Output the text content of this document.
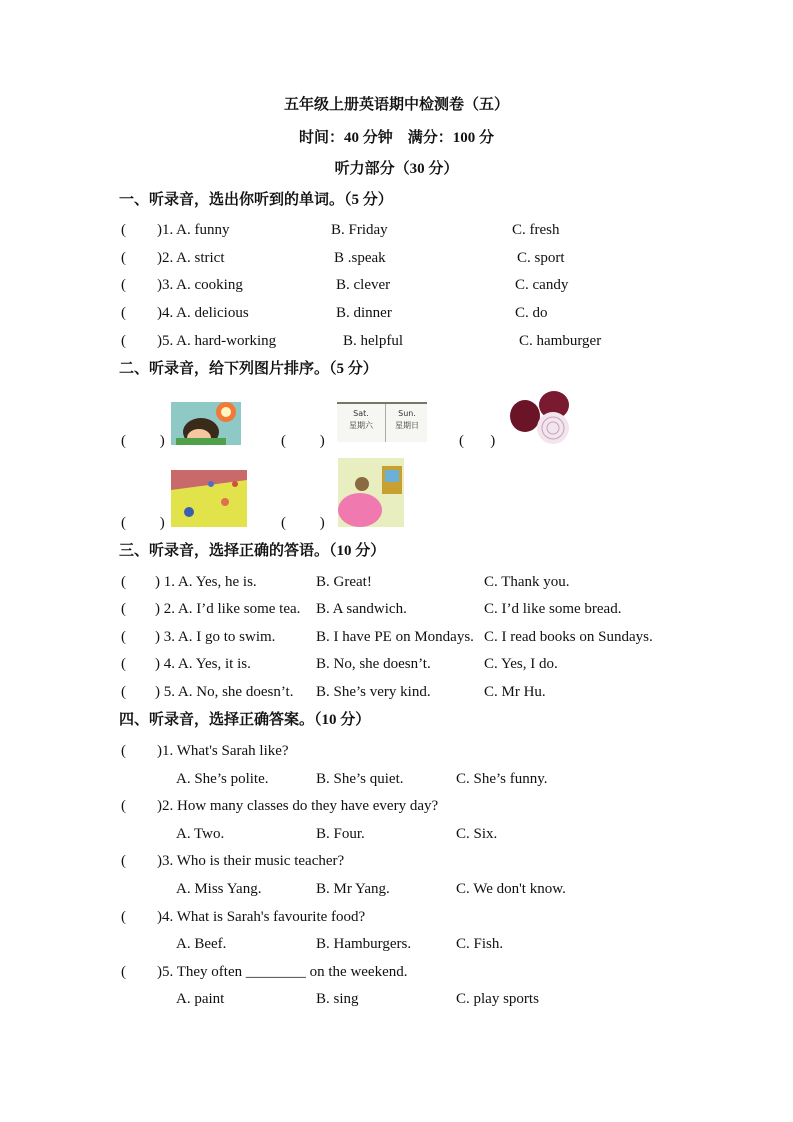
五年级上册英语期中检测卷（五）
时间：40 分钟　满分：100 分
听力部分（30 分）
一、听录音，选出你听到的单词。（5 分）
二、听录音，给下列图片排序。（5 分）
(         )	(         )
Sat.
星期六
Sun.
星期日
(       )
(         )	(         )
三、听录音，选择正确的答语。（10 分）
四、听录音，选择正确答案。（10 分）
( )1. A. funny	B. Friday	C. fresh
( )2. A. strict	B .speak	C. sport
( )3. A. cooking	B. clever	C. candy
( )4. A. delicious	B. dinner	C. do
( )5. A. hard-working	B. helpful	C. hamburger
( ) 1. A. Yes, he is.	B. Great!	C. Thank you.
( ) 2. A. I’d like some tea. B. A sandwich.	C. I’d like some bread.
( ) 3. A. I go to swim.	B. I have PE on Mondays. C. I read books on Sundays.
( ) 4. A. Yes, it is.	B. No, she doesn’t.	C. Yes, I do.
( ) 5. A. No, she doesn’t. B. She’s very kind.	C. Mr Hu.
( )1. What's Sarah like?
A. She’s polite.	B. She’s quiet.	C. She’s funny.
( )2. How many classes do they have every day?
A. Two.	B. Four.	C. Six.
( )3. Who is their music teacher?
A. Miss Yang.	B. Mr Yang.	C. We don't know.
( )4. What is Sarah's favourite food?
A. Beef.	B. Hamburgers.	C. Fish.
( )5. They often ________ on the weekend.
A. paint	B. sing	C. play sports
